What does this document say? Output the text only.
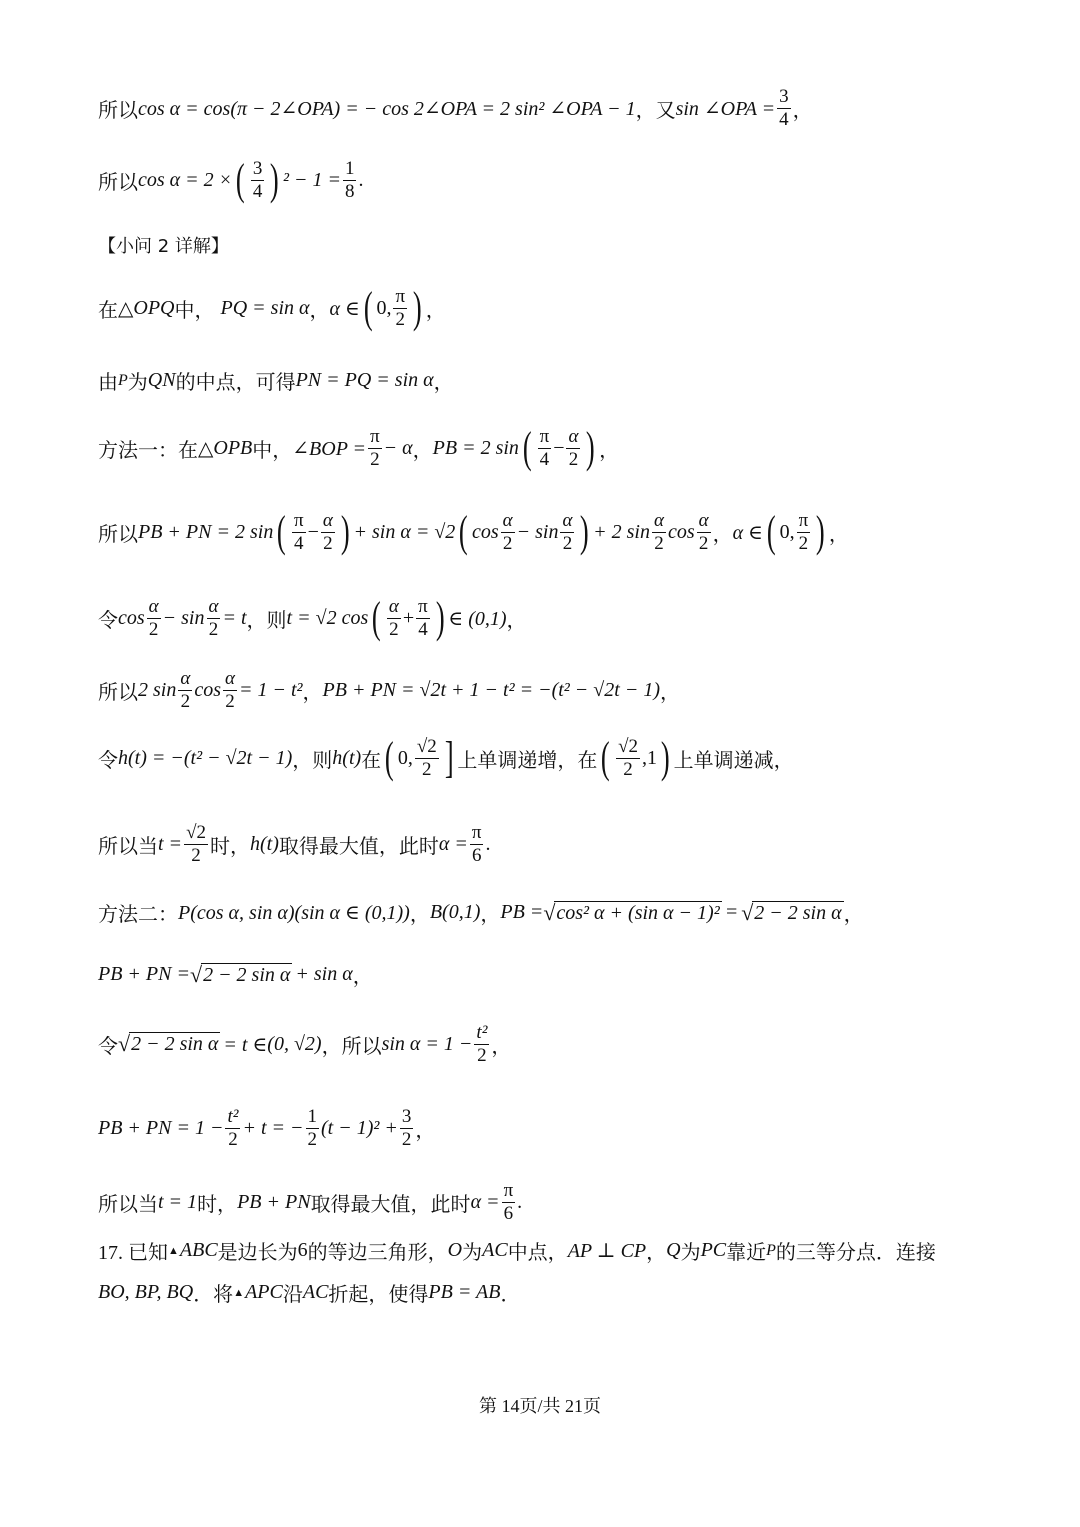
所以 cos α = cos(π − 2∠OPA) = − cos 2∠OPA = 2 sin² ∠OPA − 1 ，又 sin ∠OPA = $\frac{3}{4}$ ，
所以 cos α = 2 × ( $\frac{3}{4}$ ) $^2 - 1 = \frac{1}{8}$ .
【小问 2 详解】
在 △ OPQ 中， PQ = sin α ， α ∈ ( 0, $\frac{\pi}{2}$ ) ，
由 P 为 QN 的中点，可得 PN = PQ = sin α ，
方法一：在 △ OPB 中， ∠BOP = $\frac{\pi}{2} - \alpha$ ， PB = 2 sin ( $\frac{\pi}{4} - \frac{\alpha}{2}$ ) ，
所以 PB + PN = 2 sin ( $\frac{\pi}{4} - \frac{\alpha}{2}$ ) + sin α = √2 ( $\cos \frac{\alpha}{2} - \sin \frac{\alpha}{2}$ ) + 2 $\sin \frac{\alpha}{2}$ $\cos \frac{\alpha}{2}$ ， α ∈ ( 0, $\frac{\pi}{2}$ ) ，
令 $\cos \frac{\alpha}{2} - \sin \frac{\alpha}{2} = t$ ，则 t = √2 cos ( $\frac{\alpha}{2} + \frac{\pi}{4}$ ) ∈ (0,1) ，
所以 2 $\sin \frac{\alpha}{2}$ $\cos \frac{\alpha}{2} = 1 - t^2$ ， PB + PN = √2t + 1 − t² = −(t² − √2t − 1) ，
令 h(t) = −(t² − √2t − 1) ，则 h(t) 在 ( 0, $\frac{√2}{2}$ ] 上单调递增，在 ( $\frac{√2}{2} ,1$ ) 上单调递减，
所以当 $t = \frac{√2}{2}$ 时， h(t) 取得最大值，此时 $\alpha = \frac{\pi}{6}$ .
方法二： P(cos α, sin α)(sin α ∈ (0,1)) ， B(0,1) ， PB = √ cos² α + (sin α − 1)² = √ 2 − 2 sin α ，
PB + PN = √ 2 − 2 sin α + sin α ，
令 √ 2 − 2 sin α = t ∈ (0, √2) ，所以 $\sin \alpha = 1 - \frac{\text{t²}}{2}$ ，
PB + PN = $1 - \frac{\text{t²}}{2} + t$ = − $\frac{1}{2} (t - 1)^2 + \frac{3}{2}$ ，
所以当 t = 1 时， PB + PN 取得最大值，此时 $\alpha = \frac{\pi}{6}$ .
17. 已知 ▲ ABC 是边长为 6 的等边三角形， O 为 AC 中点， AP ⊥ CP ， Q 为 PC 靠近 P 的三等分点．连接
BO, BP, BQ ．将 ▲ APC 沿 AC 折起，使得 PB = AB ．
第 14页/共 21页
